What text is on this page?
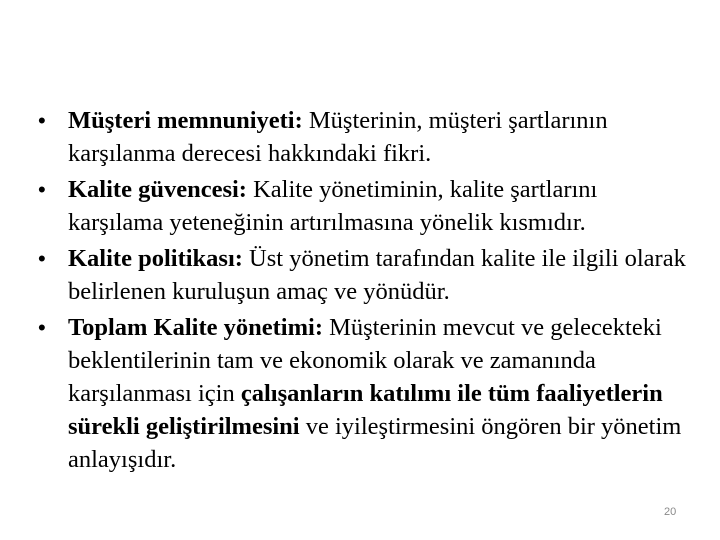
• Müşteri memnuniyeti: Müşterinin, müşteri şartlarının karşılanma derecesi hakkındaki fikri.
• Kalite güvencesi: Kalite yönetiminin, kalite şartlarını karşılama yeteneğinin artırılmasına yönelik kısmıdır.
• Kalite politikası: Üst yönetim tarafından kalite ile ilgili olarak belirlenen kuruluşun amaç ve yönüdür.
• Toplam Kalite yönetimi: Müşterinin mevcut ve gelecekteki beklentilerinin tam ve ekonomik olarak ve zamanında karşılanması için çalışanların katılımı ile tüm faaliyetlerin sürekli geliştirilmesini ve iyileştirmesini öngören bir yönetim anlayışıdır.
20
